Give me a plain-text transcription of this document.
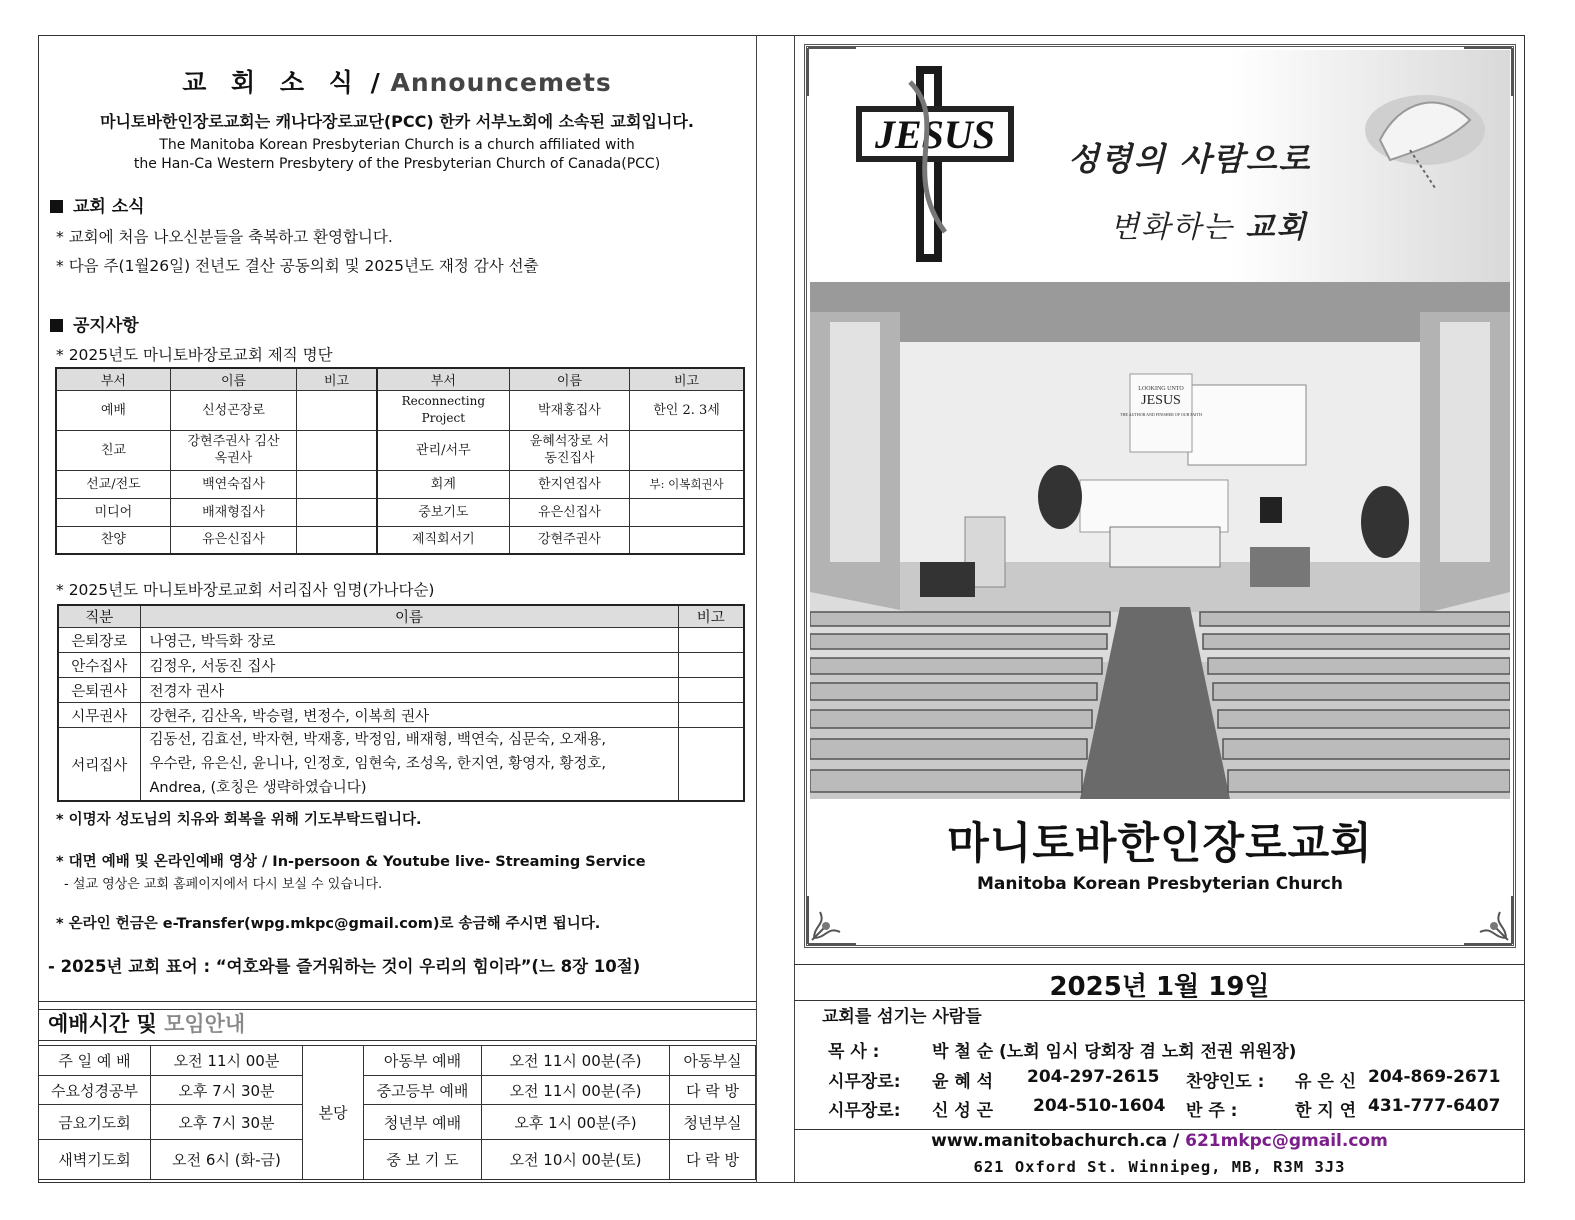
교 회 소 식 / Announcemets
마니토바한인장로교회는 캐나다장로교단(PCC) 한카 서부노회에 소속된 교회입니다.
The Manitoba Korean Presbyterian Church is a church affiliated with
the Han-Ca Western Presbytery of the Presbyterian Church of Canada(PCC)
교회 소식
* 교회에 처음 나오신분들을 축복하고 환영합니다.
* 다음 주(1월26일) 전년도 결산 공동의회 및 2025년도 재정 감사 선출
공지사항
* 2025년도 마니토바장로교회 제직 명단
부서	이름	비고	부서	이름	비고
예배	신성곤장로		Reconnecting Project	박재홍집사	한인 2. 3세
친교	강현주권사 김산옥권사		관리/서무	윤혜석장로 서동진집사	
선교/전도	백연숙집사		회계	한지연집사	부: 이복희권사
미디어	배재형집사		중보기도	유은신집사	
찬양	유은신집사		제직회서기	강현주권사	
* 2025년도 마니토바장로교회 서리집사 임명(가나다순)
직분	이름	비고
은퇴장로	나영근, 박득화 장로	
안수집사	김정우, 서동진 집사	
은퇴권사	전경자 권사	
시무권사	강현주, 김산옥, 박승렬, 변정수, 이복희 권사	
서리집사	김동선, 김효선, 박자현, 박재홍, 박정임, 배재형, 백연숙, 심문숙, 오재용,
우수란, 유은신, 윤니나, 인정호, 임현숙, 조성옥, 한지연, 황영자, 황정호,
Andrea, (호칭은 생략하였습니다)	

* 이명자 성도님의 치유와 회복을 위해 기도부탁드립니다.
* 대면 예배 및 온라인예배 영상 / In-persoon & Youtube live- Streaming Service
- 설교 영상은 교회 홈페이지에서 다시 보실 수 있습니다.
* 온라인 헌금은 e-Transfer(wpg.mkpc@gmail.com)로 송금해 주시면 됩니다.
- 2025년 교회 표어 : “여호와를 즐거워하는 것이 우리의 힘이라”(느 8장 10절)
예배시간 및 모임안내
주 일 예 배	오전 11시 00분	본당	아동부 예배	오전 11시 00분(주)	아동부실
수요성경공부	오후 7시 30분		중고등부 예배	오전 11시 00분(주)	다 락 방
금요기도회	오후 7시 30분		청년부 예배	오후 1시 00분(주)	청년부실
새벽기도회	오전 6시 (화-금)		중 보 기 도	오전 10시 00분(토)	다 락 방
JESUS
성령의 사람으로
변화하는 교회
LOOKING UNTO
JESUS
THE AUTHOR AND FINISHER OF OUR FAITH
마니토바한인장로교회
Manitoba Korean Presbyterian Church
2025년 1월 19일
교회를 섬기는 사람들
목 사 :	박 철 순 (노회 임시 당회장 겸 노회 전권 위원장)
시무장로: 윤 혜 석 204-297-2615 찬양인도 : 유 은 신 204-869-2671
시무장로: 신 성 곤 204-510-1604 반 주 :	한 지 연 431-777-6407
www.manitobachurch.ca / 621mkpc@gmail.com
621 Oxford St. Winnipeg, MB, R3M 3J3
